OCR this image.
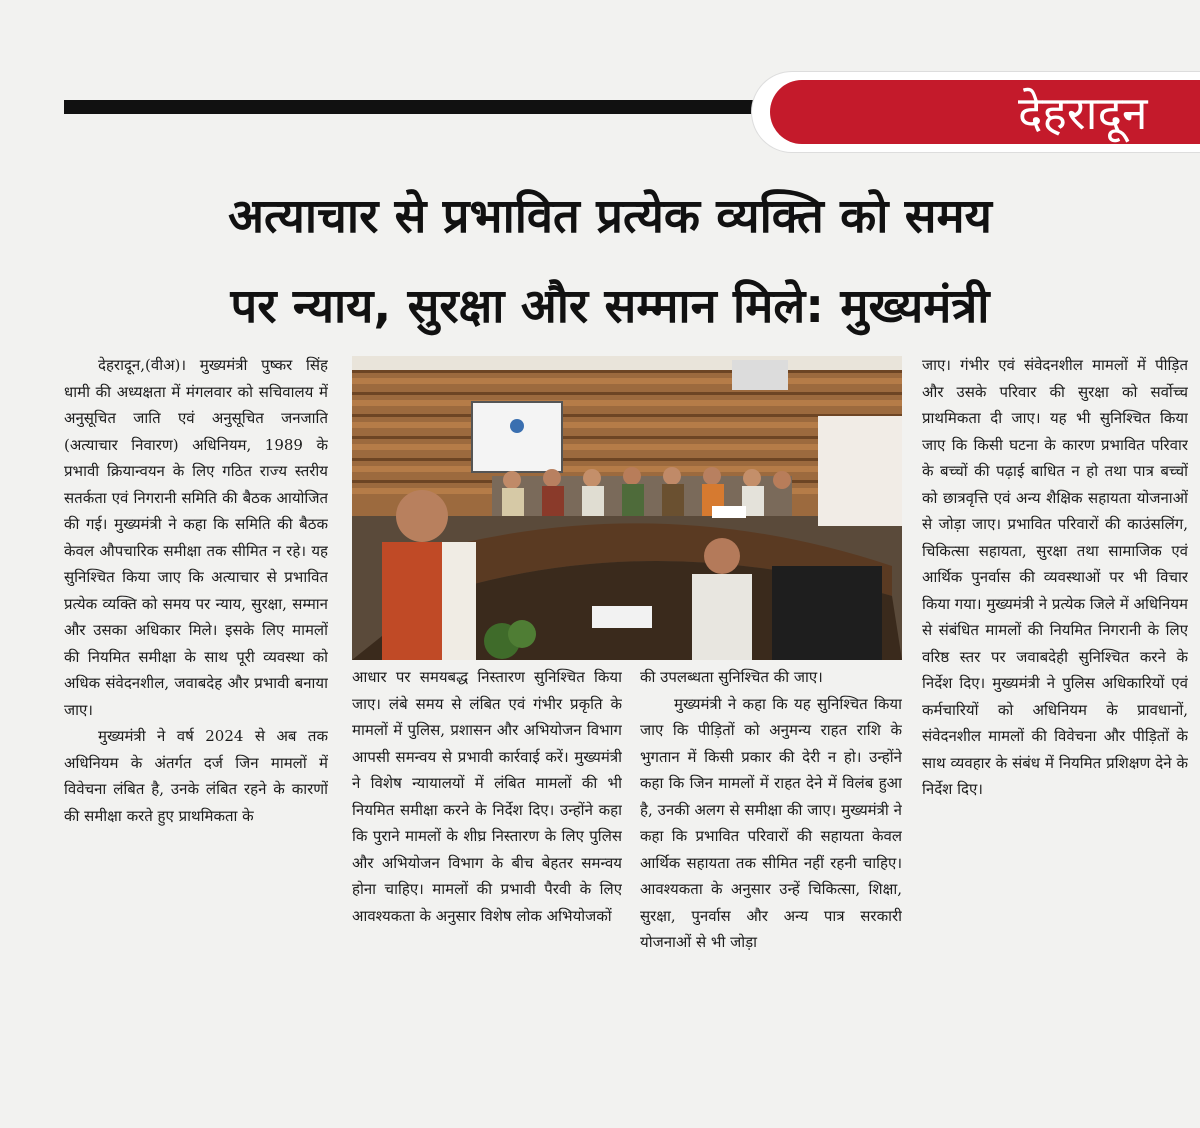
देहरादून
अत्याचार से प्रभावित प्रत्येक व्यक्ति को समय
पर न्याय, सुरक्षा और सम्मान मिले: मुख्यमंत्री

देहरादून,(वीअ)। मुख्यमंत्री पुष्कर सिंह धामी की अध्यक्षता में मंगलवार को सचिवालय में अनुसूचित जाति एवं अनुसूचित जनजाति (अत्याचार निवारण) अधिनियम, 1989 के प्रभावी क्रियान्वयन के लिए गठित राज्य स्तरीय सतर्कता एवं निगरानी समिति की बैठक आयोजित की गई। मुख्यमंत्री ने कहा कि समिति की बैठक केवल औपचारिक समीक्षा तक सीमित न रहे। यह सुनिश्चित किया जाए कि अत्याचार से प्रभावित प्रत्येक व्यक्ति को समय पर न्याय, सुरक्षा, सम्मान और उसका अधिकार मिले। इसके लिए मामलों की नियमित समीक्षा के साथ पूरी व्यवस्था को अधिक संवेदनशील, जवाबदेह और प्रभावी बनाया जाए।

मुख्यमंत्री ने वर्ष 2024 से अब तक अधिनियम के अंतर्गत दर्ज जिन मामलों में विवेचना लंबित है, उनके लंबित रहने के कारणों की समीक्षा करते हुए प्राथमिकता के

आधार पर समयबद्ध निस्तारण सुनिश्चित किया जाए। लंबे समय से लंबित एवं गंभीर प्रकृति के मामलों में पुलिस, प्रशासन और अभियोजन विभाग आपसी समन्वय से प्रभावी कार्रवाई करें। मुख्यमंत्री ने विशेष न्यायालयों में लंबित मामलों की भी नियमित समीक्षा करने के निर्देश दिए। उन्होंने कहा कि पुराने मामलों के शीघ्र निस्तारण के लिए पुलिस और अभियोजन विभाग के बीच बेहतर समन्वय होना चाहिए। मामलों की प्रभावी पैरवी के लिए आवश्यकता के अनुसार विशेष लोक अभियोजकों

की उपलब्धता सुनिश्चित की जाए।

मुख्यमंत्री ने कहा कि यह सुनिश्चित किया जाए कि पीड़ितों को अनुमन्य राहत राशि के भुगतान में किसी प्रकार की देरी न हो। उन्होंने कहा कि जिन मामलों में राहत देने में विलंब हुआ है, उनकी अलग से समीक्षा की जाए। मुख्यमंत्री ने कहा कि प्रभावित परिवारों की सहायता केवल आर्थिक सहायता तक सीमित नहीं रहनी चाहिए। आवश्यकता के अनुसार उन्हें चिकित्सा, शिक्षा, सुरक्षा, पुनर्वास और अन्य पात्र सरकारी योजनाओं से भी जोड़ा

जाए। गंभीर एवं संवेदनशील मामलों में पीड़ित और उसके परिवार की सुरक्षा को सर्वोच्च प्राथमिकता दी जाए। यह भी सुनिश्चित किया जाए कि किसी घटना के कारण प्रभावित परिवार के बच्चों की पढ़ाई बाधित न हो तथा पात्र बच्चों को छात्रवृत्ति एवं अन्य शैक्षिक सहायता योजनाओं से जोड़ा जाए। प्रभावित परिवारों की काउंसलिंग, चिकित्सा सहायता, सुरक्षा तथा सामाजिक एवं आर्थिक पुनर्वास की व्यवस्थाओं पर भी विचार किया गया। मुख्यमंत्री ने प्रत्येक जिले में अधिनियम से संबंधित मामलों की नियमित निगरानी के लिए वरिष्ठ स्तर पर जवाबदेही सुनिश्चित करने के निर्देश दिए। मुख्यमंत्री ने पुलिस अधिकारियों एवं कर्मचारियों को अधिनियम के प्रावधानों, संवेदनशील मामलों की विवेचना और पीड़ितों के साथ व्यवहार के संबंध में नियमित प्रशिक्षण देने के निर्देश दिए।
